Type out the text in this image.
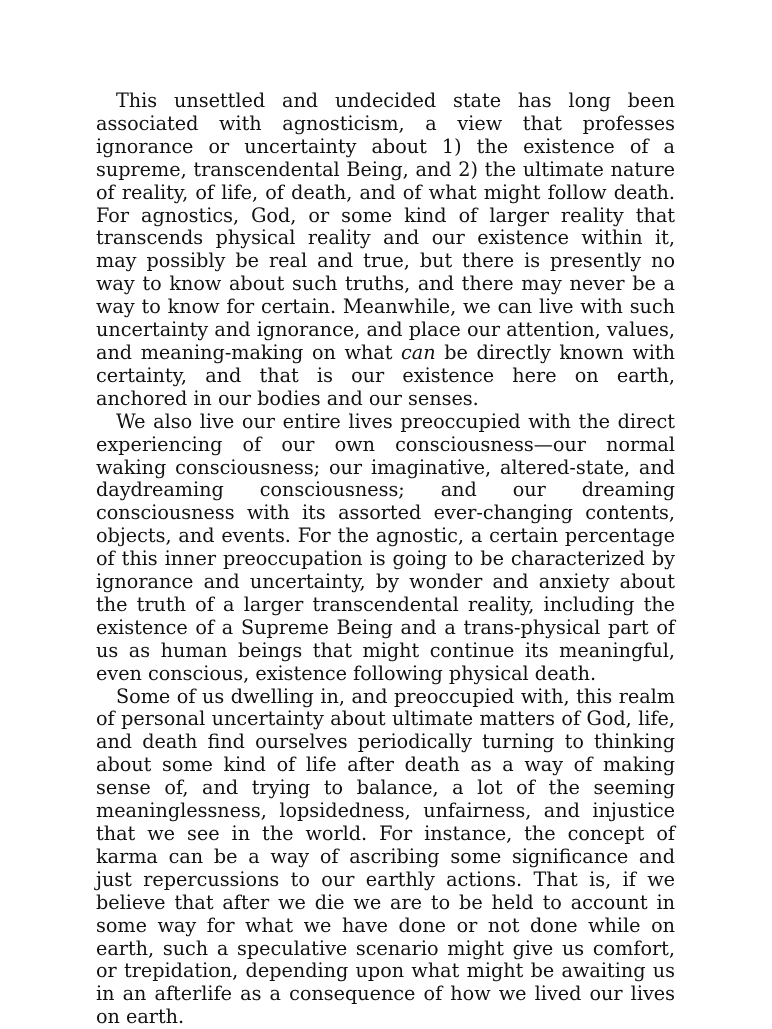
This unsettled and undecided state has long been associated with agnosticism, a view that professes ignorance or uncertainty about 1) the existence of a supreme, transcendental Being, and 2) the ultimate nature of reality, of life, of death, and of what might follow death. For agnostics, God, or some kind of larger reality that transcends physical reality and our existence within it, may possibly be real and true, but there is presently no way to know about such truths, and there may never be a way to know for certain. Meanwhile, we can live with such uncertainty and ignorance, and place our attention, values, and meaning-making on what can be directly known with certainty, and that is our existence here on earth, anchored in our bodies and our senses.

We also live our entire lives preoccupied with the direct experiencing of our own consciousness—our normal waking consciousness; our imaginative, altered-state, and daydreaming consciousness; and our dreaming consciousness with its assorted ever-changing contents, objects, and events. For the agnostic, a certain percentage of this inner preoccupation is going to be characterized by ignorance and uncertainty, by wonder and anxiety about the truth of a larger transcendental reality, including the existence of a Supreme Being and a trans-physical part of us as human beings that might continue its meaningful, even conscious, existence following physical death.

Some of us dwelling in, and preoccupied with, this realm of personal uncertainty about ultimate matters of God, life, and death find ourselves periodically turning to thinking about some kind of life after death as a way of making sense of, and trying to balance, a lot of the seeming meaninglessness, lopsidedness, unfairness, and injustice that we see in the world. For instance, the concept of karma can be a way of ascribing some significance and just repercussions to our earthly actions. That is, if we believe that after we die we are to be held to account in some way for what we have done or not done while on earth, such a speculative scenario might give us comfort, or trepidation, depending upon what might be awaiting us in an afterlife as a consequence of how we lived our lives on earth.
